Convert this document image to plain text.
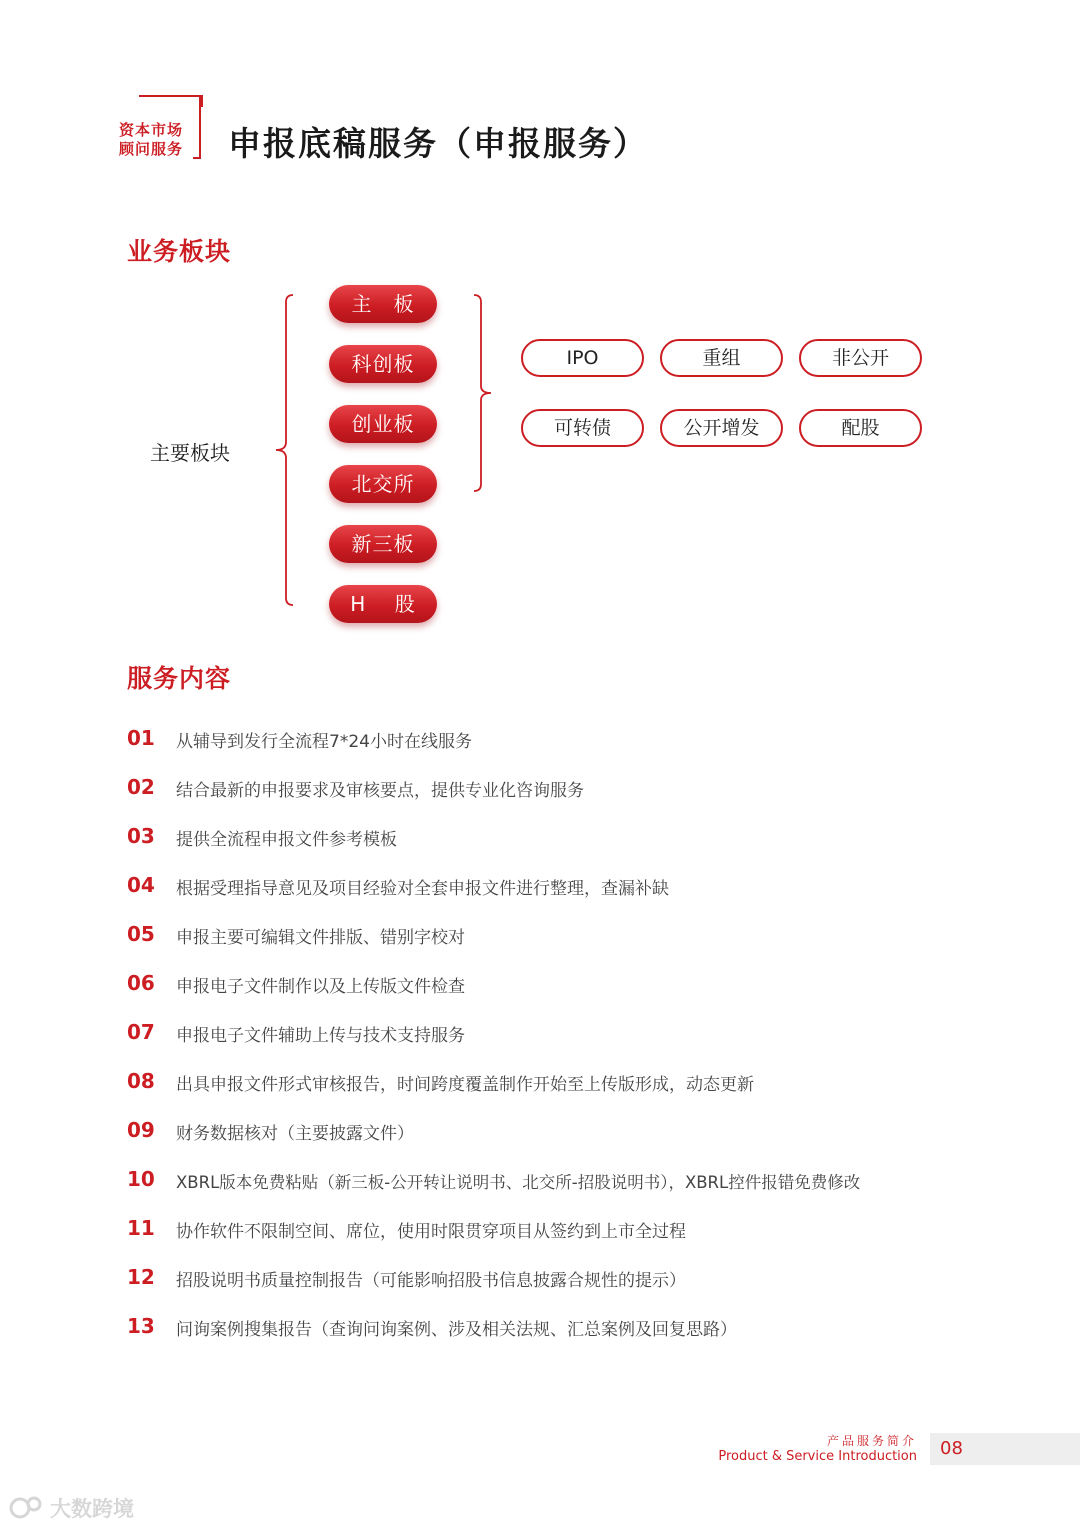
资本市场
顾问服务 申报底稿服务（申报服务）
业务板块
主要板块
主　板
科创板
创业板
北交所
新三板
H　 股
IPO	重组	非公开
可转债	公开增发	配股
服务内容
01 从辅导到发行全流程7*24小时在线服务
02 结合最新的申报要求及审核要点，提供专业化咨询服务
03 提供全流程申报文件参考模板
04 根据受理指导意见及项目经验对全套申报文件进行整理，查漏补缺
05 申报主要可编辑文件排版、错别字校对
06 申报电子文件制作以及上传版文件检查
07 申报电子文件辅助上传与技术支持服务
08 出具申报文件形式审核报告，时间跨度覆盖制作开始至上传版形成，动态更新
09 财务数据核对（主要披露文件）
10 XBRL版本免费粘贴（新三板-公开转让说明书、北交所-招股说明书），XBRL控件报错免费修改
11 协作软件不限制空间、席位，使用时限贯穿项目从签约到上市全过程
12 招股说明书质量控制报告（可能影响招股书信息披露合规性的提示）
13 问询案例搜集报告（查询问询案例、涉及相关法规、汇总案例及回复思路）
产品服务简介
Product & Service Introduction 08
大数跨境
